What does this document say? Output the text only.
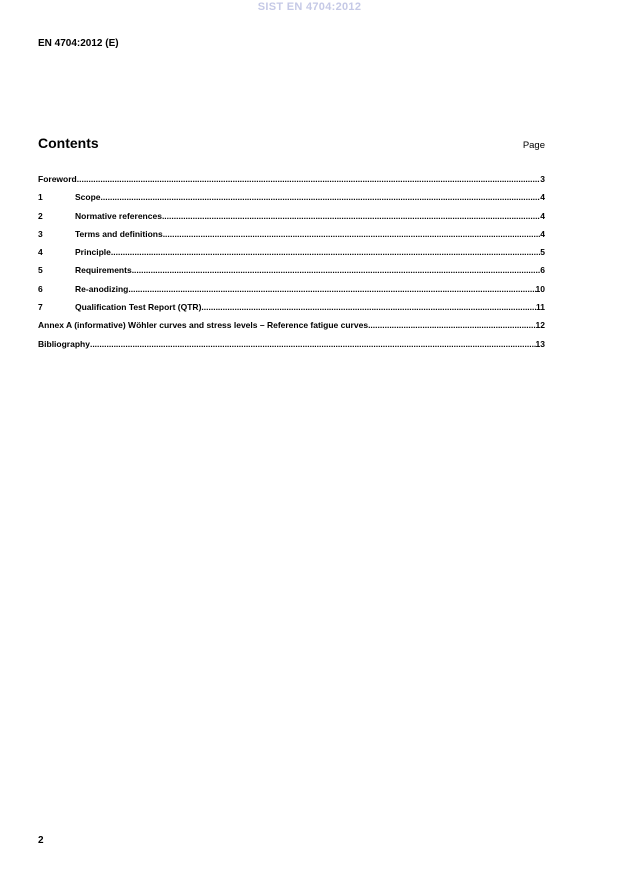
SIST EN 4704:2012
EN 4704:2012 (E)
Contents	Page
Foreword .....	3
1	Scope .....	4
2	Normative references .....	4
3	Terms and definitions .....	4
4	Principle .....	5
5	Requirements .....	6
6	Re-anodizing .....	10
7	Qualification Test Report (QTR) .....	11
Annex A (informative) Wöhler curves and stress levels – Reference fatigue curves .....	12
Bibliography .....	13
2
